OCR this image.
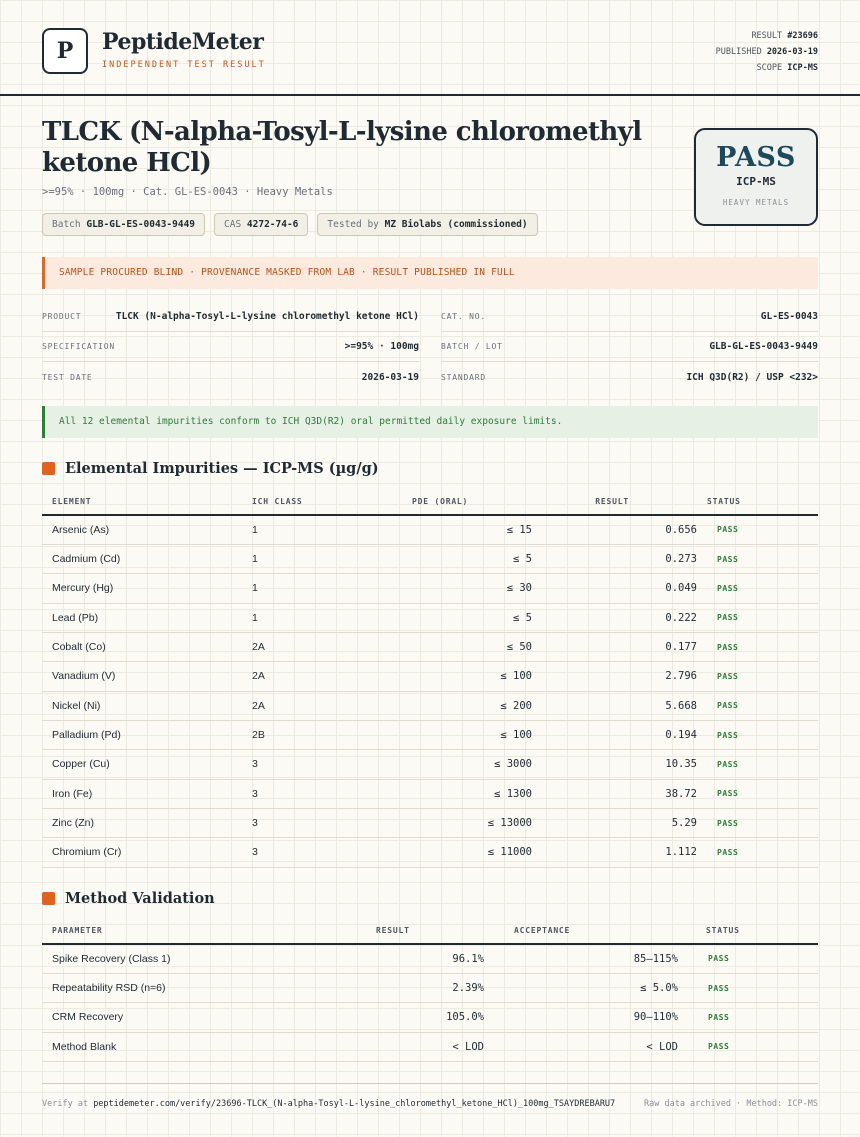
P	PeptideMeter
INDEPENDENT TEST RESULT
RESULT #23696
PUBLISHED 2026-03-19
SCOPE ICP-MS
TLCK (N-alpha-Tosyl-L-lysine chloromethyl ketone HCl)
>=95% · 100mg · Cat. GL-ES-0043 · Heavy Metals
Batch GLB-GL-ES-0043-9449	CAS 4272-74-6	Tested by MZ Biolabs (commissioned)
PASS
ICP-MS
HEAVY METALS
SAMPLE PROCURED BLIND · PROVENANCE MASKED FROM LAB · RESULT PUBLISHED IN FULL
PRODUCT	TLCK (N-alpha-Tosyl-L-lysine chloromethyl ketone HCl)
SPECIFICATION	>=95% · 100mg
TEST DATE	2026-03-19
CAT. NO.	GL-ES-0043
BATCH / LOT	GLB-GL-ES-0043-9449
STANDARD	ICH Q3D(R2) / USP <232>
All 12 elemental impurities conform to ICH Q3D(R2) oral permitted daily exposure limits.
Elemental Impurities — ICP-MS (µg/g)
ELEMENT	ICH CLASS	PDE (ORAL)	RESULT	STATUS
Arsenic (As)	1	≤ 15	0.656	PASS
Cadmium (Cd)	1	≤ 5	0.273	PASS
Mercury (Hg)	1	≤ 30	0.049	PASS
Lead (Pb)	1	≤ 5	0.222	PASS
Cobalt (Co)	2A	≤ 50	0.177	PASS
Vanadium (V)	2A	≤ 100	2.796	PASS
Nickel (Ni)	2A	≤ 200	5.668	PASS
Palladium (Pd)	2B	≤ 100	0.194	PASS
Copper (Cu)	3	≤ 3000	10.35	PASS
Iron (Fe)	3	≤ 1300	38.72	PASS
Zinc (Zn)	3	≤ 13000	5.29	PASS
Chromium (Cr)	3	≤ 11000	1.112	PASS
Method Validation
PARAMETER	RESULT	ACCEPTANCE	STATUS
Spike Recovery (Class 1)	96.1%	85–115%	PASS
Repeatability RSD (n=6)	2.39%	≤ 5.0%	PASS
CRM Recovery	105.0%	90–110%	PASS
Method Blank	< LOD	< LOD	PASS
Verify at peptidemeter.com/verify/23696-TLCK_(N-alpha-Tosyl-L-lysine_chloromethyl_ketone_HCl)_100mg_TSAYDREBARU7	Raw data archived · Method: ICP-MS
